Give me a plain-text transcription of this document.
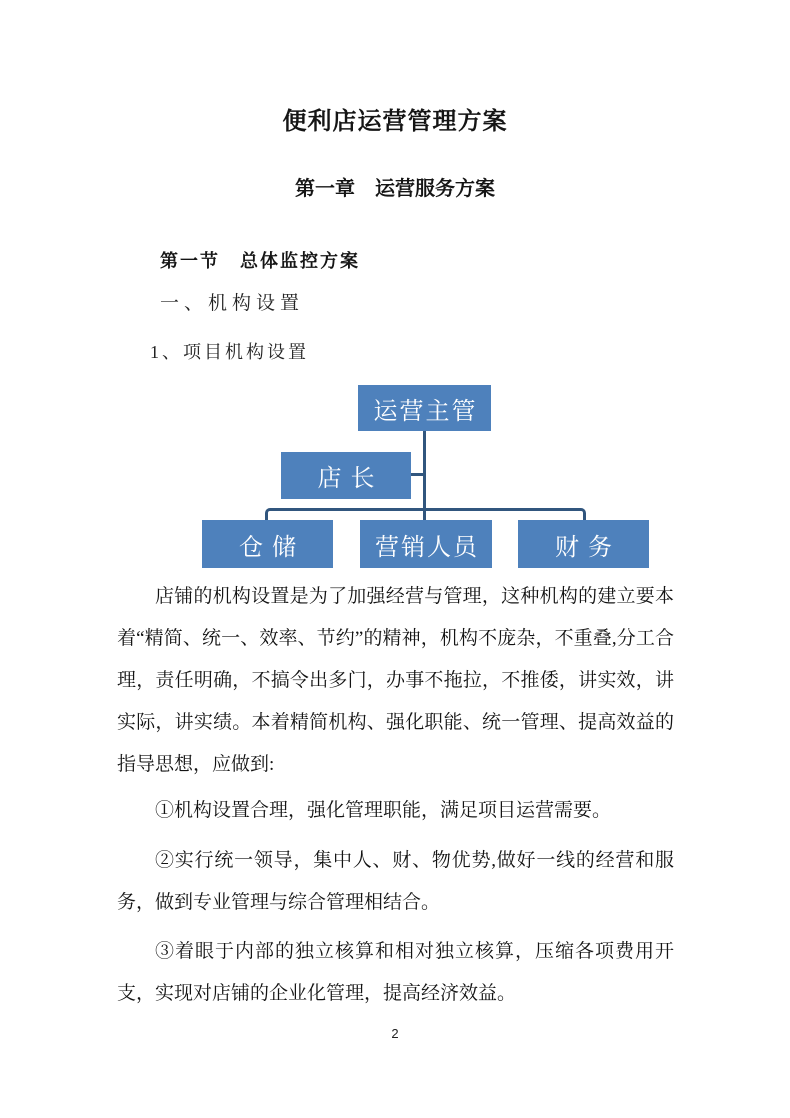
便利店运营管理方案
第一章　运营服务方案
第一节　总体监控方案
一、机构设置
1、项目机构设置
运营主管
店长
仓储	营销人员	财务

店铺的机构设置是为了加强经营与管理，这种机构的建立要本着“精简、统一、效率、节约”的精神，机构不庞杂，不重叠,分工合理，责任明确，不搞令出多门，办事不拖拉，不推倭，讲实效，讲实际，讲实绩。本着精简机构、强化职能、统一管理、提高效益的指导思想，应做到:

①机构设置合理，强化管理职能，满足项目运营需要。

②实行统一领导，集中人、财、物优势,做好一线的经营和服务，做到专业管理与综合管理相结合。

③着眼于内部的独立核算和相对独立核算，压缩各项费用开支，实现对店铺的企业化管理，提高经济效益。

2
